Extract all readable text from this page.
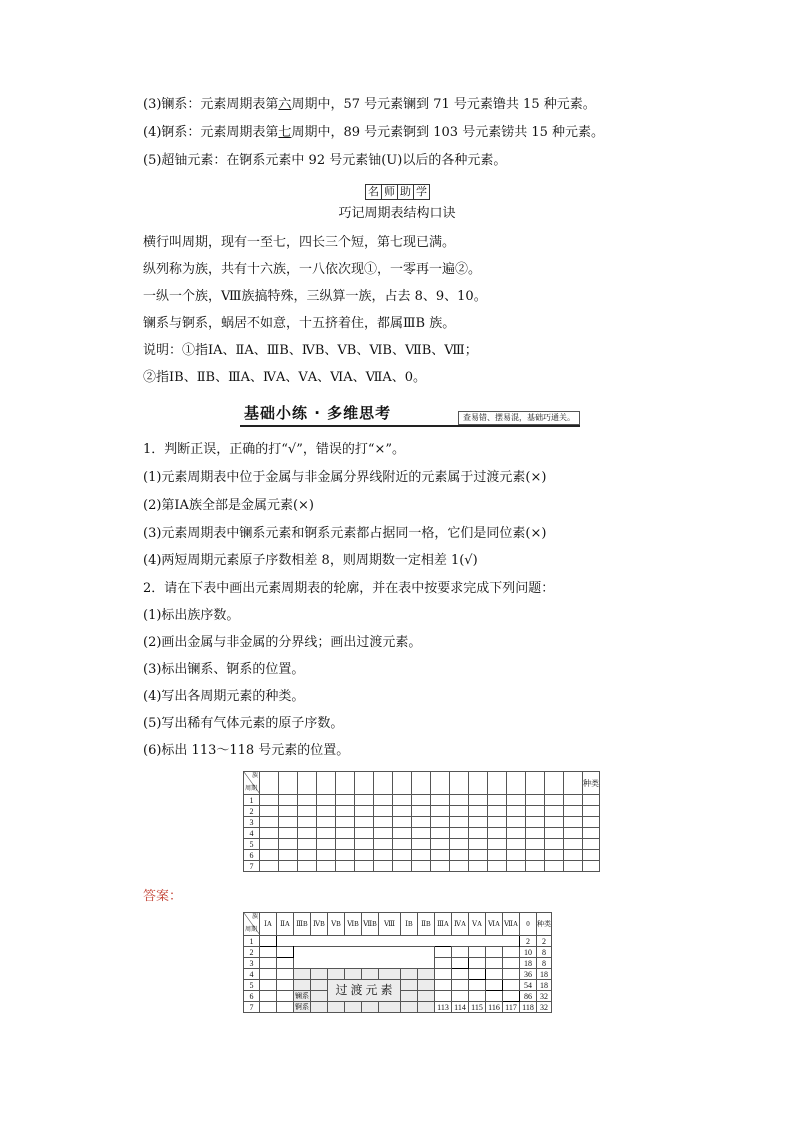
(3)镧系：元素周期表第六周期中，57 号元素镧到 71 号元素镥共 15 种元素。
(4)锕系：元素周期表第七周期中，89 号元素锕到 103 号元素铹共 15 种元素。
(5)超铀元素：在锕系元素中 92 号元素铀(U)以后的各种元素。
名 师 助 学
巧记周期表结构口诀
横行叫周期，现有一至七，四长三个短，第七现已满。
纵列称为族，共有十六族，一八依次现①，一零再一遍②。
一纵一个族，Ⅷ族搞特殊，三纵算一族，占去 8、9、10。
镧系与锕系，蜗居不如意，十五挤着住，都属ⅢB 族。
说明：①指ⅠA、ⅡA、ⅢB、ⅣB、ⅤB、ⅥB、ⅦB、Ⅷ；
②指ⅠB、ⅡB、ⅢA、ⅣA、ⅤA、ⅥA、ⅦA、0。
基础小练 · 多维思考	查易错、摆易混，基础巧通关。
1．判断正误，正确的打“√”，错误的打“×”。
(1)元素周期表中位于金属与非金属分界线附近的元素属于过渡元素(×)
(2)第ⅠA族全部是金属元素(×)
(3)元素周期表中镧系元素和锕系元素都占据同一格，它们是同位素(×)
(4)两短周期元素原子序数相差 8，则周期数一定相差 1(√)
2．请在下表中画出元素周期表的轮廓，并在表中按要求完成下列问题：
(1)标出族序数。
(2)画出金属与非金属的分界线；画出过渡元素。
(3)标出镧系、锕系的位置。
(4)写出各周期元素的种类。
(5)写出稀有气体元素的原子序数。
(6)标出 113～118 号元素的位置。
族
周期																		种类
1																		
2																		
3																		
4																		
5																		
6																		
7																		
答案：
族
周期	ⅠA	ⅡA	ⅢB	ⅣB	ⅤB	ⅥB	ⅦB	Ⅷ	ⅠB	ⅡB	ⅢA	ⅣA	ⅤA	ⅥA	ⅦA	0	种类
1																2	2
2																10	8
3																18	8
4																36	18
5					过 渡 元 素											54	18
6			镧系													86	32
7			锕系								113	114	115	116	117	118	32
